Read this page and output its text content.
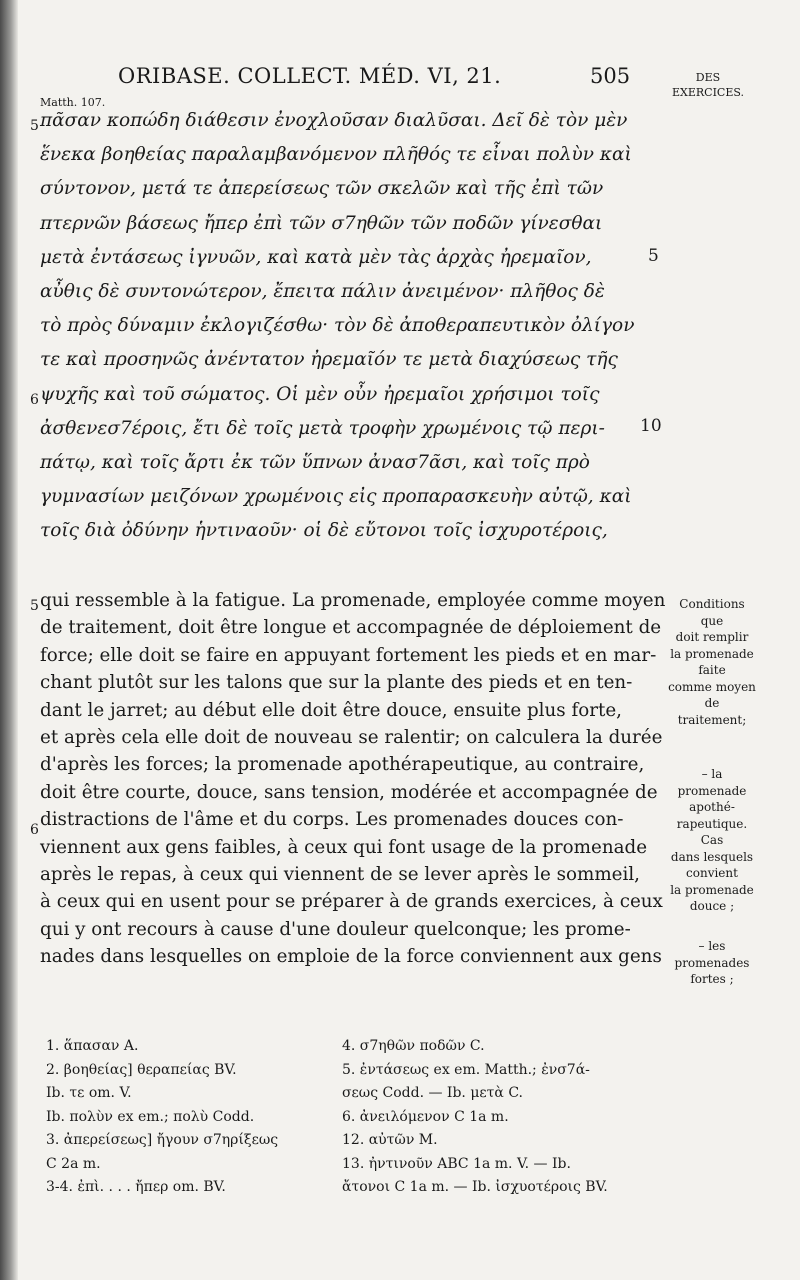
ORIBASE. COLLECT. MÉD. VI, 21.	505	DES
EXERCICES.
Matth. 107.
πᾶσαν κοπώδη διάθεσιν ἐνοχλοῦσαν διαλῦσαι. Δεῖ δὲ τὸν μὲν
ἕνεκα βοηθείας παραλαμβανόμενον πλῆθός τε εἶναι πολὺν καὶ
σύντονον, μετά τε ἀπερείσεως τῶν σκελῶν καὶ τῆς ἐπὶ τῶν
πτερνῶν βάσεως ἤπερ ἐπὶ τῶν σ7ηθῶν τῶν ποδῶν γίνεσθαι
μετὰ ἐντάσεως ἰγνυῶν, καὶ κατὰ μὲν τὰς ἀρχὰς ἠρεμαῖον,
αὖθις δὲ συντονώτερον, ἔπειτα πάλιν ἀνειμένον· πλῆθος δὲ
τὸ πρὸς δύναμιν ἐκλογιζέσθω· τὸν δὲ ἀποθεραπευτικὸν ὀλίγον
τε καὶ προσηνῶς ἀνέντατον ἠρεμαῖόν τε μετὰ διαχύσεως τῆς
ψυχῆς καὶ τοῦ σώματος. Οἱ μὲν οὖν ἠρεμαῖοι χρήσιμοι τοῖς
ἀσθενεσ7έροις, ἔτι δὲ τοῖς μετὰ τροφὴν χρωμένοις τῷ περι-
πάτῳ, καὶ τοῖς ἄρτι ἐκ τῶν ὕπνων ἀνασ7ᾶσι, καὶ τοῖς πρὸ
γυμνασίων μειζόνων χρωμένοις εἰς προπαρασκευὴν αὐτῷ, καὶ
τοῖς διὰ ὀδύνην ἡντιναοῦν· οἱ δὲ εὔτονοι τοῖς ἰσχυροτέροις,
5
6
5
10
qui ressemble à la fatigue. La promenade, employée comme moyen
de traitement, doit être longue et accompagnée de déploiement de
force; elle doit se faire en appuyant fortement les pieds et en mar-
chant plutôt sur les talons que sur la plante des pieds et en ten-
dant le jarret; au début elle doit être douce, ensuite plus forte,
et après cela elle doit de nouveau se ralentir; on calculera la durée
d'après les forces; la promenade apothérapeutique, au contraire,
doit être courte, douce, sans tension, modérée et accompagnée de
distractions de l'âme et du corps. Les promenades douces con-
viennent aux gens faibles, à ceux qui font usage de la promenade
après le repas, à ceux qui viennent de se lever après le sommeil,
à ceux qui en usent pour se préparer à de grands exercices, à ceux
qui y ont recours à cause d'une douleur quelconque; les prome-
nades dans lesquelles on emploie de la force conviennent aux gens
5
6
Conditions
que
doit remplir
la promenade
faite
comme moyen
de
traitement;
– la
promenade
apothé-
rapeutique.
Cas
dans lesquels
convient
la promenade
douce ;
– les
promenades
fortes ;
1. ἅπασαν A.
2. βοηθείας] θεραπείας BV.
Ib. τε om. V.
Ib. πολὺν ex em.; πολὺ Codd.
3. ἀπερείσεως] ἤγουν σ7ηρίξεως
C 2a m.
3-4. ἐπὶ. . . . ἤπερ om. BV.
4. σ7ηθῶν ποδῶν C.
5. ἐντάσεως ex em. Matth.; ἐνσ7ά-
σεως Codd. — Ib. μετὰ C.
6. ἀνειλόμενον C 1a m.
12. αὐτῶν M.
13. ἠντινοῦν ABC 1a m. V. — Ib.
ἄτονοι C 1a m. — Ib. ἰσχυοτέροις BV.
